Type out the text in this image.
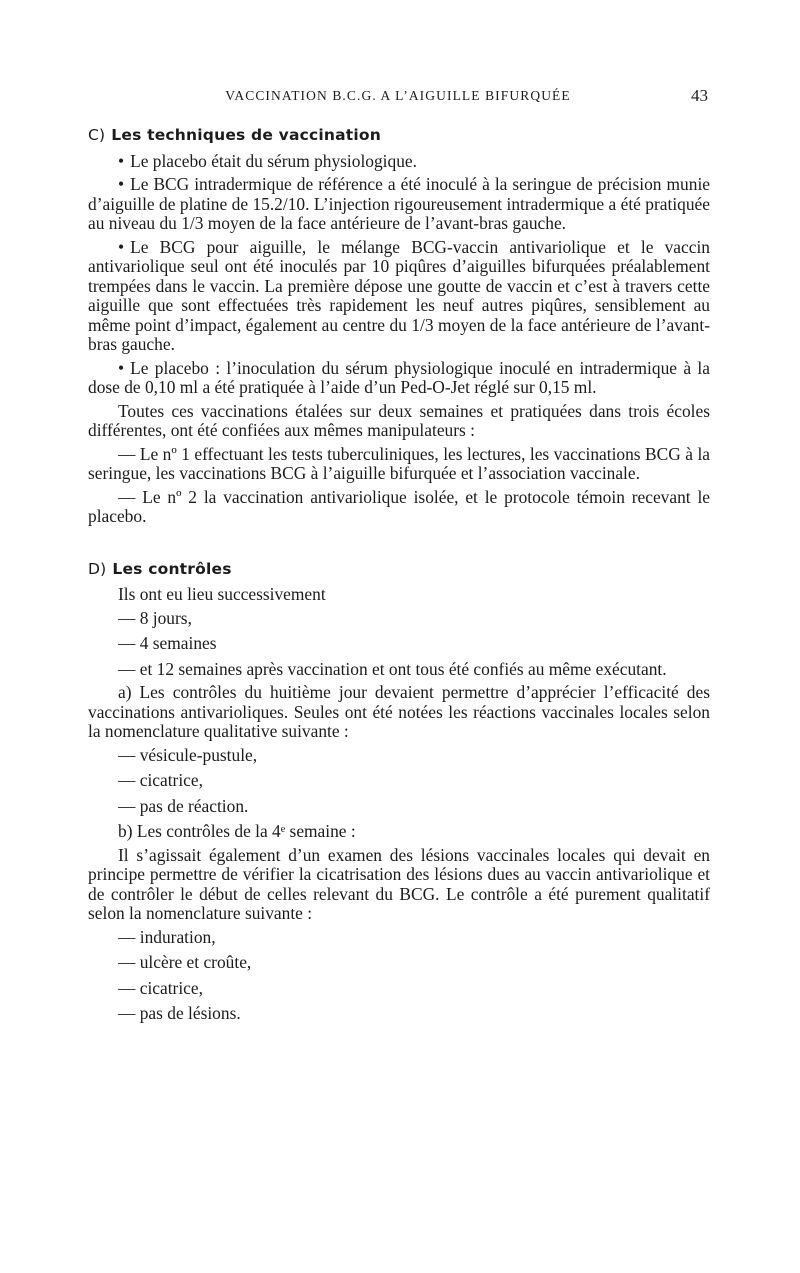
VACCINATION B.C.G. A L’AIGUILLE BIFURQUÉE	43
C) Les techniques de vaccination

• Le placebo était du sérum physiologique.

• Le BCG intradermique de référence a été inoculé à la seringue de précision munie d’aiguille de platine de 15.2/10. L’injection rigoureusement intradermique a été pratiquée au niveau du 1/3 moyen de la face antérieure de l’avant-bras gauche.

• Le BCG pour aiguille, le mélange BCG-vaccin antivariolique et le vaccin antivariolique seul ont été inoculés par 10 piqûres d’aiguilles bifurquées préalablement trempées dans le vaccin. La première dépose une goutte de vaccin et c’est à travers cette aiguille que sont effectuées très rapidement les neuf autres piqûres, sensiblement au même point d’impact, également au centre du 1/3 moyen de la face antérieure de l’avant-bras gauche.

• Le placebo : l’inoculation du sérum physiologique inoculé en intradermique à la dose de 0,10 ml a été pratiquée à l’aide d’un Ped-O-Jet réglé sur 0,15 ml.

Toutes ces vaccinations étalées sur deux semaines et pratiquées dans trois écoles différentes, ont été confiées aux mêmes manipulateurs :

— Le nº 1 effectuant les tests tuberculiniques, les lectures, les vaccinations BCG à la seringue, les vaccinations BCG à l’aiguille bifurquée et l’association vaccinale.

— Le nº 2 la vaccination antivariolique isolée, et le protocole témoin recevant le placebo.

D) Les contrôles

Ils ont eu lieu successivement

— 8 jours,
— 4 semaines
— et 12 semaines après vaccination et ont tous été confiés au même exécutant.

a) Les contrôles du huitième jour devaient permettre d’apprécier l’efficacité des vaccinations antivarioliques. Seules ont été notées les réactions vaccinales locales selon la nomenclature qualitative suivante :

— vésicule-pustule,
— cicatrice,
— pas de réaction.

b) Les contrôles de la 4ᵉ semaine :

Il s’agissait également d’un examen des lésions vaccinales locales qui devait en principe permettre de vérifier la cicatrisation des lésions dues au vaccin antivariolique et de contrôler le début de celles relevant du BCG. Le contrôle a été purement qualitatif selon la nomenclature suivante :

— induration,
— ulcère et croûte,
— cicatrice,
— pas de lésions.
